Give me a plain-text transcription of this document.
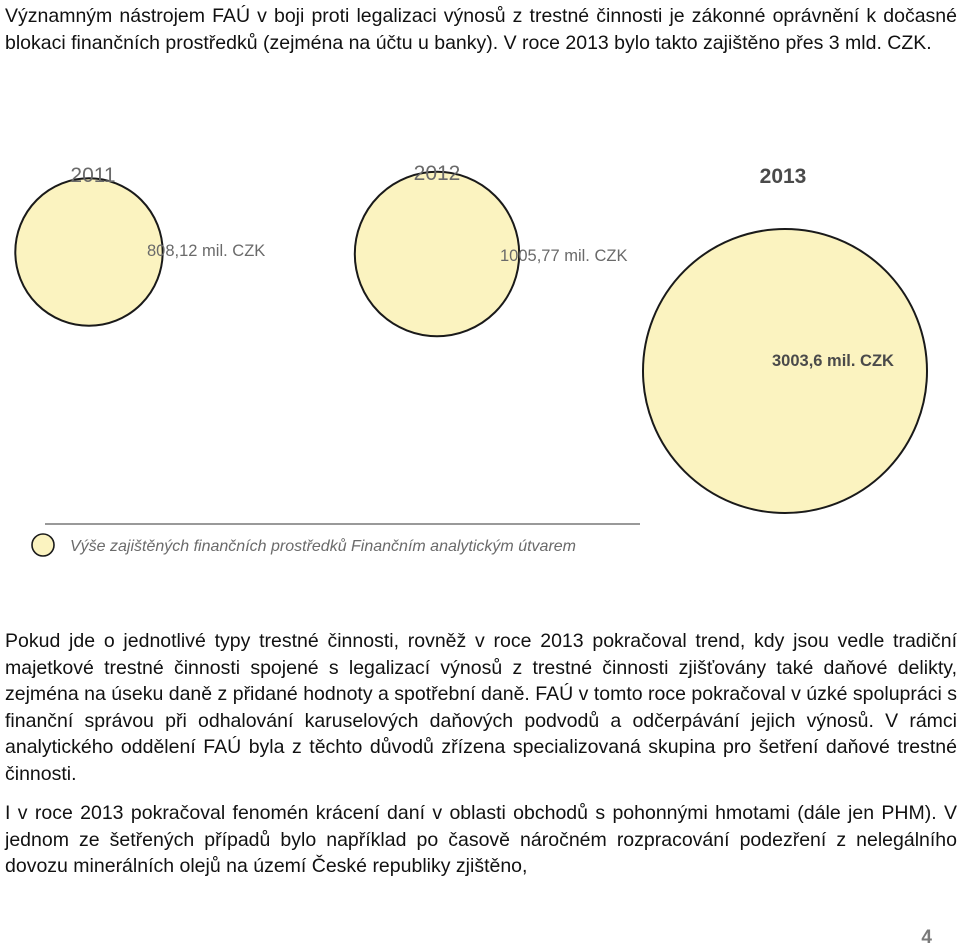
Významným nástrojem FAÚ v boji proti legalizaci výnosů z trestné činnosti je zákonné oprávnění k dočasné blokaci finančních prostředků (zejména na účtu u banky). V roce 2013 bylo takto zajištěno přes 3 mld. CZK.

2011
808,12 mil. CZK
2012
1005,77 mil. CZK
2013
3003,6 mil. CZK
Výše zajištěných finančních prostředků Finančním analytickým útvarem

Pokud jde o jednotlivé typy trestné činnosti, rovněž v roce 2013 pokračoval trend, kdy jsou vedle tradiční majetkové trestné činnosti spojené s legalizací výnosů z trestné činnosti zjišťovány také daňové delikty, zejména na úseku daně z přidané hodnoty a spotřební daně. FAÚ v tomto roce pokračoval v úzké spolupráci s finanční správou při odhalování karuselových daňových podvodů a odčerpávání jejich výnosů. V rámci analytického oddělení FAÚ byla z těchto důvodů zřízena specializovaná skupina pro šetření daňové trestné činnosti.

I v roce 2013 pokračoval fenomén krácení daní v oblasti obchodů s pohonnými hmotami (dále jen PHM). V jednom ze šetřených případů bylo například po časově náročném rozpracování podezření z nelegálního dovozu minerálních olejů na území České republiky zjištěno,

4
